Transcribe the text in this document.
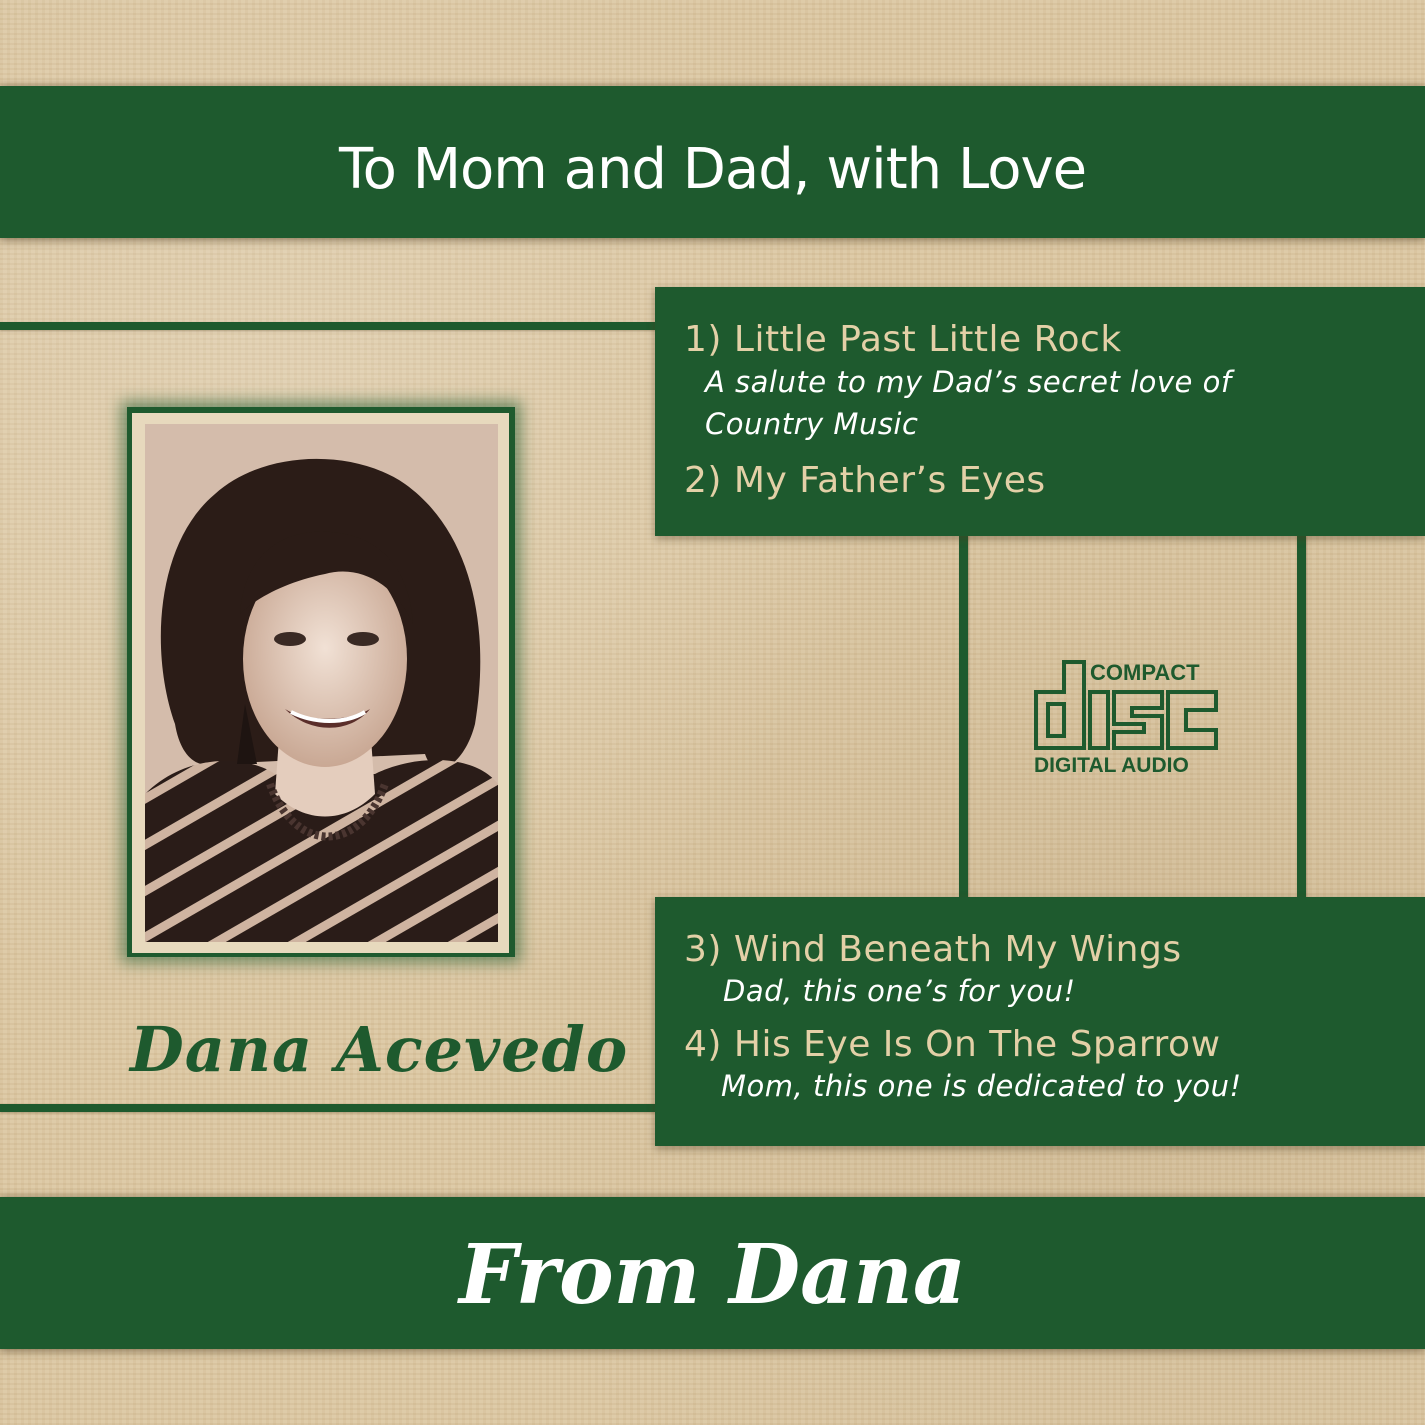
To Mom and Dad, with Love
1) Little Past Little Rock
A salute to my Dad’s secret love of
Country Music
2) My Father’s Eyes
3) Wind Beneath My Wings
Dad, this one’s for you!
4) His Eye Is On The Sparrow
Mom, this one is dedicated to you!
COMPACT
DIGITAL AUDIO
Dana Acevedo
From Dana
